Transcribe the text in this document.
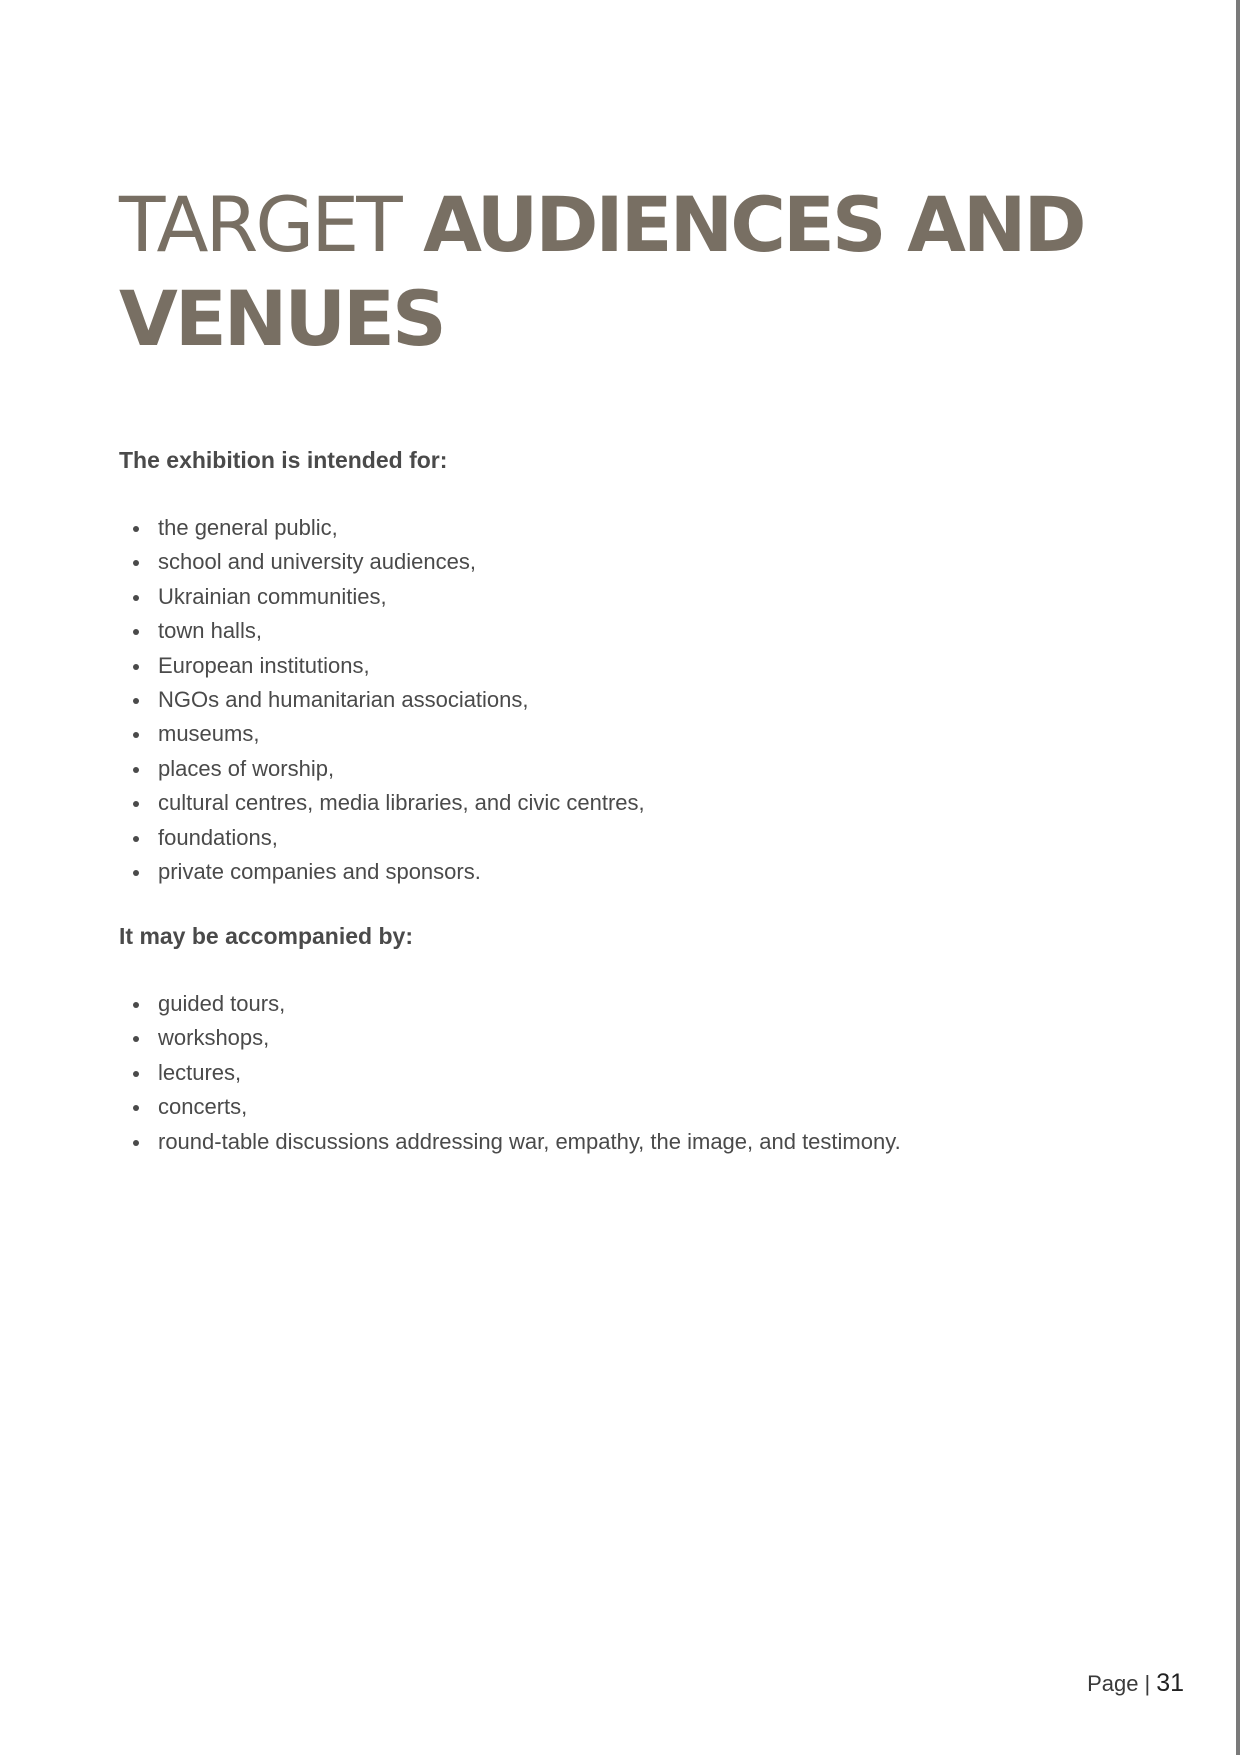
TARGET AUDIENCES AND VENUES

The exhibition is intended for:

the general public,
school and university audiences,
Ukrainian communities,
town halls,
European institutions,
NGOs and humanitarian associations,
museums,
places of worship,
cultural centres, media libraries, and civic centres,
foundations,
private companies and sponsors.

It may be accompanied by:

guided tours,
workshops,
lectures,
concerts,
round-table discussions addressing war, empathy, the image, and testimony.
Page | 31
